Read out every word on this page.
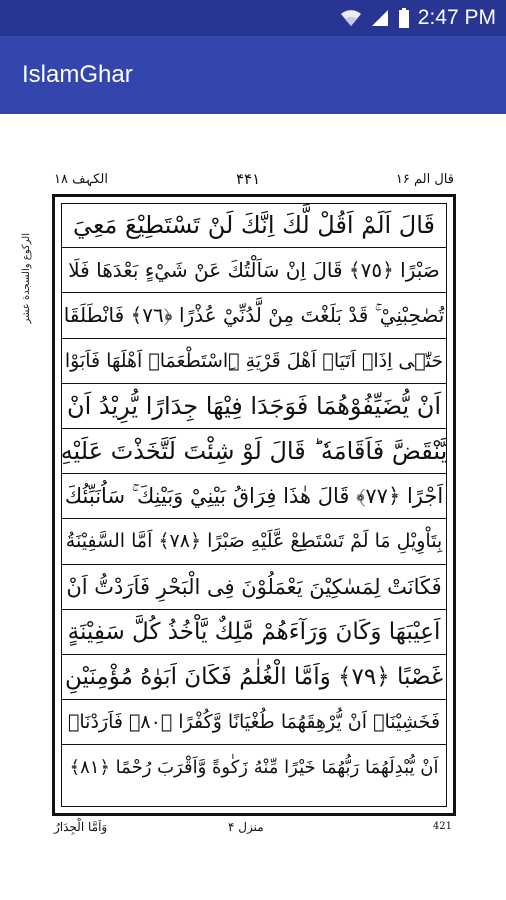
2:47 PM
IslamGhar
الکہف ۱۸	۴۴۱	قال الم ۱۶
الرکوع والسجدة عشر
قَالَ اَلَمْ اَقُلْ لَّكَ اِنَّكَ لَنْ تَسْتَطِيْعَ مَعِيَ
صَبْرًا ﴿٧٥﴾ قَالَ اِنْ سَاَلْتُكَ عَنْ شَيْءٍ بَعْدَهَا فَلَا
تُصٰحِبْنِيْ ۚ قَدْ بَلَغْتَ مِنْ لَّدُنِّيْ عُذْرًا ﴿٧٦﴾ فَانْطَلَقَا
حَتّٰۤى اِذَاۤ اَتَيَاۤ اَهْلَ قَرْيَةِ ِۣاسْتَطْعَمَاۤ اَهْلَهَا فَاَبَوْا
اَنْ يُّضَيِّفُوْهُمَا فَوَجَدَا فِيْهَا جِدَارًا يُّرِيْدُ اَنْ
يَّنْقَضَّ فَاَقَامَهٗ ؕ قَالَ لَوْ شِئْتَ لَتَّخَذْتَ عَلَيْهِ
اَجْرًا ﴿٧٧﴾ قَالَ هٰذَا فِرَاقُ بَيْنِيْ وَبَيْنِكَ ۚ سَاُنَبِّئُكَ
بِتَاْوِيْلِ مَا لَمْ تَسْتَطِعْ عَّلَيْهِ صَبْرًا ﴿٧٨﴾ اَمَّا السَّفِيْنَةُ
فَكَانَتْ لِمَسٰكِيْنَ يَعْمَلُوْنَ فِى الْبَحْرِ فَاَرَدْتُّ اَنْ
اَعِيْبَهَا وَكَانَ وَرَآءَهُمْ مَّلِكٌ يَّاْخُذُ كُلَّ سَفِيْنَةٍ
غَصْبًا ﴿٧٩﴾ وَاَمَّا الْغُلٰمُ فَكَانَ اَبَوٰهُ مُؤْمِنَيْنِ
فَخَشِيْنَاۤ اَنْ يُّرْهِقَهُمَا طُغْيَانًا وَّكُفْرًا ﴿٨٠﴾ فَاَرَدْنَاۤ
اَنْ يُّبْدِلَهُمَا رَبُّهُمَا خَيْرًا مِّنْهُ زَكٰوةً وَّاَقْرَبَ رُحْمًا ﴿٨١﴾
وَاَمَّا الْجِدَارُ	منزل ۴	421
